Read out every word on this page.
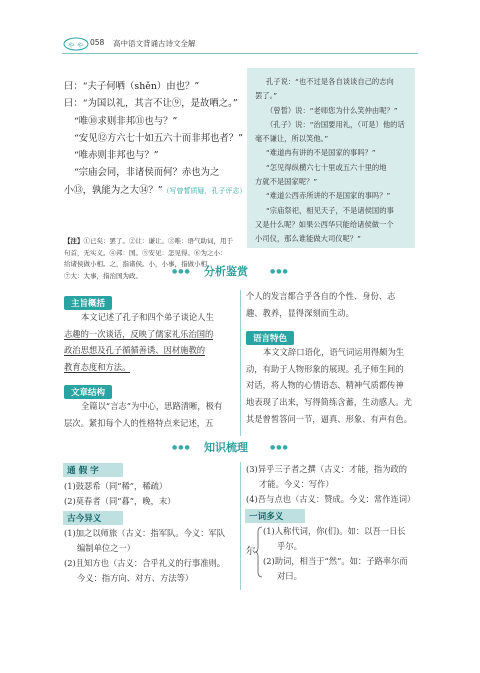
ゃ ゃ 058 高中语文背诵古诗文全解
曰：“夫子何哂（shěn）由也？”
曰：“为国以礼，其言不让⑨，是故哂之。”
“唯⑩求则非邦⑪也与？”
“安见⑫方六七十如五六十而非邦也者？”
“唯赤则非邦也与？”
“宗庙会同，非诸侯而何？赤也为之
小⑬，孰能为之大⑭？”（写曾皙质疑，孔子评志）
【注】①已矣：罢了。②让：谦让。③唯：语气助词，用于
句首，无实义。④邦：国。⑤安见：怎见得。⑥为之小：
给诸侯做小相。之，指诸侯。小，小事，指做小相。
⑦大：大事，指治国为政。
孔子说：“也不过是各自谈谈自己的志向
罢了。”
（曾皙）说：“老师您为什么笑仲由呢？”
（孔子）说：“治国要用礼，（可是）他的话
毫不谦让，所以笑他。”
“难道冉有讲的不是国家的事吗？”
“怎见得纵横六七十里或五六十里的地
方就不是国家呢？”
“难道公西赤所讲的不是国家的事吗？”
“宗庙祭祀，相见天子，不是诸侯国的事
又是什么呢？如果公西华只能给诸侯做一个
小司仪，那么谁能做大司仪呢？”
●●● 分析鉴赏	●●●
主旨概括
本文记述了孔子和四个弟子谈论人生
志趣的一次谈话，反映了儒家礼乐治国的
政治思想及孔子循循善诱、因材施教的
教育态度和方法。
文章结构
全篇以“言志”为中心，思路清晰，极有
层次。紧扣每个人的性格特点来记述，五
个人的发言都合乎各自的个性、身份、志
趣、教养，显得深刻而生动。
语言特色
本文文辞口语化，语气词运用得颇为生
动，有助于人物形象的展现。孔子师生间的
对话，将人物的心情语态、精神气质都传神
地表现了出来，写得简练含蓄，生动感人。尤
其是曾皙答问一节，逼真、形象、有声有色。
●●● 知识梳理	●●●
通 假 字
(1)鼓瑟希（同“稀”，稀疏）
(2)莫春者（同“暮”，晚，末）
古今异义
(1)加之以师旅（古义：指军队。今义：军队
编制单位之一）
(2)且知方也（古义：合乎礼义的行事准则。
今义：指方向、对方、方法等）
(3)异乎三子者之撰（古义：才能，指为政的
才能。今义：写作）
(4)吾与点也（古义：赞成。今义：常作连词）
一词多义
尔
(1)人称代词，你(们)。如：以吾一日长
乎尔。
(2)助词，相当于“然”。如：子路率尔而
对曰。
